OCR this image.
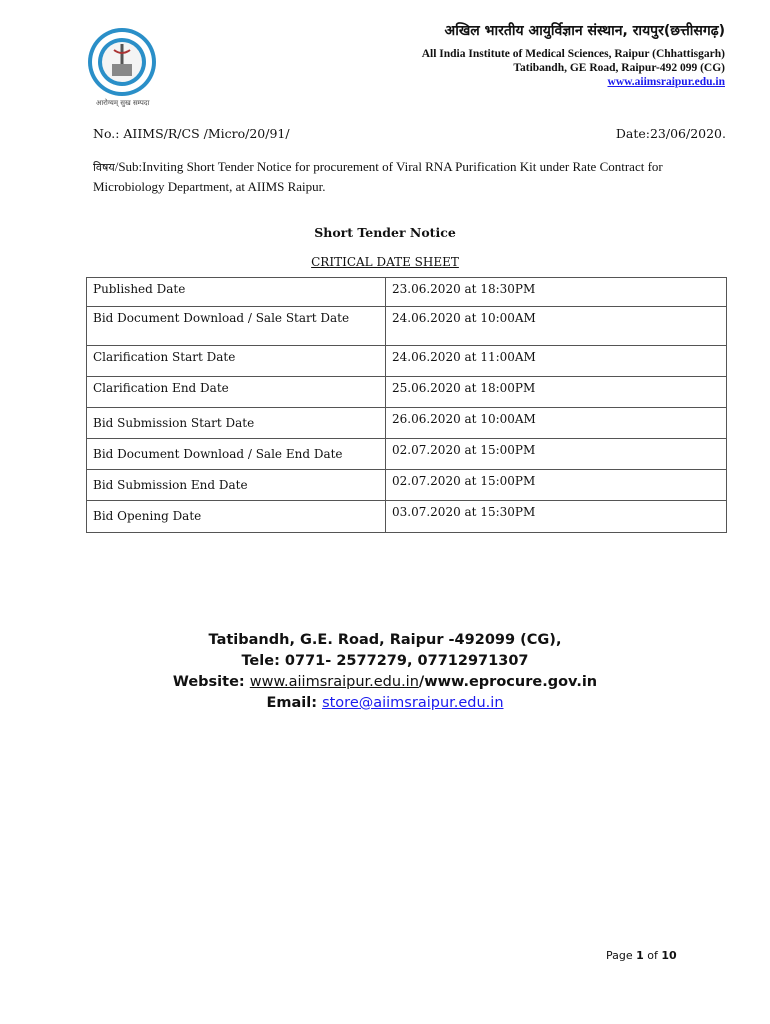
आरोग्यम् सुख सम्पदा
अखिल भारतीय आयुर्विज्ञान संस्थान, रायपुर(छत्तीसगढ़)
All India Institute of Medical Sciences, Raipur (Chhattisgarh)
Tatibandh, GE Road, Raipur-492 099 (CG)
www.aiimsraipur.edu.in
No.: AIIMS/R/CS /Micro/20/91/	Date:23/06/2020.
विषय/Sub:Inviting Short Tender Notice for procurement of Viral RNA Purification Kit under Rate Contract for Microbiology Department, at AIIMS Raipur.
Short Tender Notice
CRITICAL DATE SHEET
Published Date	23.06.2020 at 18:30PM
Bid Document Download / Sale Start Date	24.06.2020 at 10:00AM
Clarification Start Date	24.06.2020 at 11:00AM
Clarification End Date	25.06.2020 at 18:00PM
Bid Submission Start Date	26.06.2020 at 10:00AM
Bid Document Download / Sale End Date	02.07.2020 at 15:00PM
Bid Submission End Date	02.07.2020 at 15:00PM
Bid Opening Date	03.07.2020 at 15:30PM
Tatibandh, G.E. Road, Raipur -492099 (CG),
Tele: 0771- 2577279, 07712971307
Website: www.aiimsraipur.edu.in/www.eprocure.gov.in
Email: store@aiimsraipur.edu.in
Page 1 of 10
